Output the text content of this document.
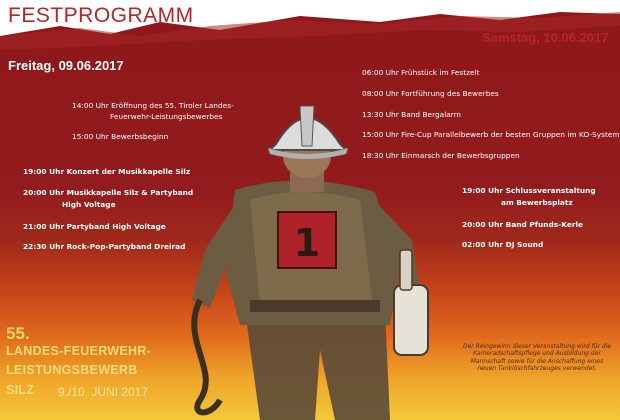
FESTPROGRAMM
Samstag, 10.06.2017
Freitag, 09.06.2017
1
14:00 Uhr Eröffnung des 55. Tiroler Landes-
Feuerwehr-Leistungsbewerbes
15:00 Uhr Bewerbsbeginn
19:00 Uhr Konzert der Musikkapelle Silz
20:00 Uhr Musikkapelle Silz & Partyband
High Voltage
21:00 Uhr Partyband High Voltage
22:30 Uhr Rock-Pop-Partyband Dreirad
06:00 Uhr Frühstück im Festzelt
08:00 Uhr Fortführung des Bewerbes
13:30 Uhr Band Bergalarm
15:00 Uhr Fire-Cup Parallelbewerb der besten Gruppen im KO-System
18:30 Uhr Einmarsch der Bewerbsgruppen
19:00 Uhr Schlussveranstaltung
am Bewerbsplatz
20:00 Uhr Band Pfunds-Kerle
02:00 Uhr DJ Sound
55.
LANDES-FEUERWEHR-
LEISTUNGSBEWERB
SILZ 9./10. JUNI 2017
Der Reingewinn dieser Veranstaltung wird für die Kameradschaftspflege und Ausbildung der Mannschaft sowie für die Anschaffung eines neuen Tanklöschfahrzeuges verwendet.
